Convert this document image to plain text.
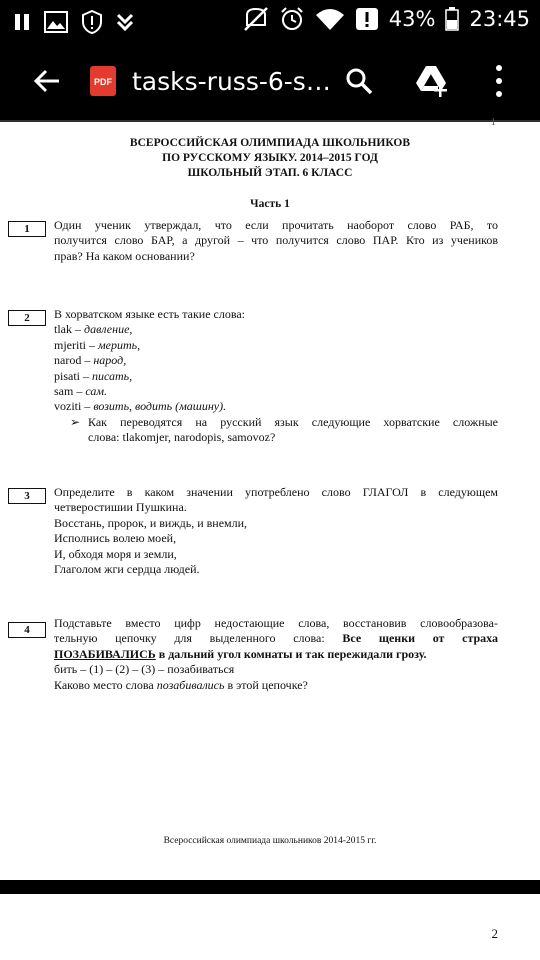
43% 23:45
PDF tasks-russ-6-s…
1
ВСЕРОССИЙСКАЯ ОЛИМПИАДА ШКОЛЬНИКОВ
ПО РУССКОМУ ЯЗЫКУ. 2014–2015 ГОД
ШКОЛЬНЫЙ ЭТАП. 6 КЛАСС
Часть 1
1	Один ученик утверждал, что если прочитать наоборот слово РАБ, то
получится слово БАР, а другой – что получится слово ПАР. Кто из учеников
прав? На каком основании?
2	В хорватском языке есть такие слова:
tlak – давление,
mjeriti – мерить,
narod – народ,
pisati – писать,
sam – сам.
voziti – возить, водить (машину).
➢ Как переводятся на русский язык следующие хорватские сложные
слова: tlakomjer, narodopis, samovoz?
3	Определите в каком значении употреблено слово ГЛАГОЛ в следующем
четверостишии Пушкина.
Восстань, пророк, и виждь, и внемли,
Исполнись волею моей,
И, обходя моря и земли,
Глаголом жги сердца людей.
4	Подставьте вместо цифр недостающие слова, восстановив словообразова-
тельную цепочку для выделенного слова: Все щенки от страха
ПОЗАБИВАЛИСЬ в дальний угол комнаты и так пережидали грозу.
бить – (1) – (2) – (3) – позабиваться
Каково место слова позабивались в этой цепочке?
Всероссийская олимпиада школьников 2014-2015 гг.
2
